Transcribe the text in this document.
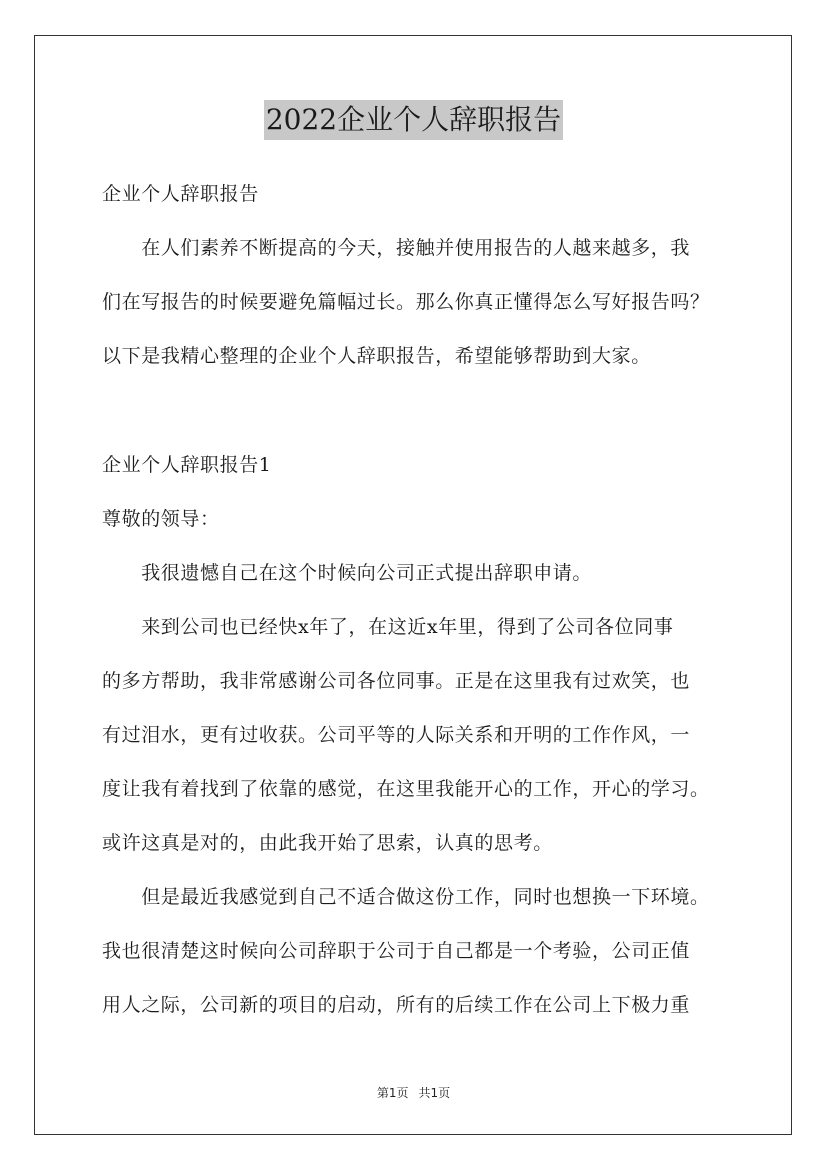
2022企业个人辞职报告
企业个人辞职报告
　　在人们素养不断提高的今天，接触并使用报告的人越来越多，我
们在写报告的时候要避免篇幅过长。那么你真正懂得怎么写好报告吗？
以下是我精心整理的企业个人辞职报告，希望能够帮助到大家。
企业个人辞职报告1
尊敬的领导：
　　我很遗憾自己在这个时候向公司正式提出辞职申请。
　　来到公司也已经快x年了，在这近x年里，得到了公司各位同事
的多方帮助，我非常感谢公司各位同事。正是在这里我有过欢笑，也
有过泪水，更有过收获。公司平等的人际关系和开明的工作作风，一
度让我有着找到了依靠的感觉，在这里我能开心的工作，开心的学习。
或许这真是对的，由此我开始了思索，认真的思考。
　　但是最近我感觉到自己不适合做这份工作，同时也想换一下环境。
我也很清楚这时候向公司辞职于公司于自己都是一个考验，公司正值
用人之际，公司新的项目的启动，所有的后续工作在公司上下极力重
第1页 共1页
